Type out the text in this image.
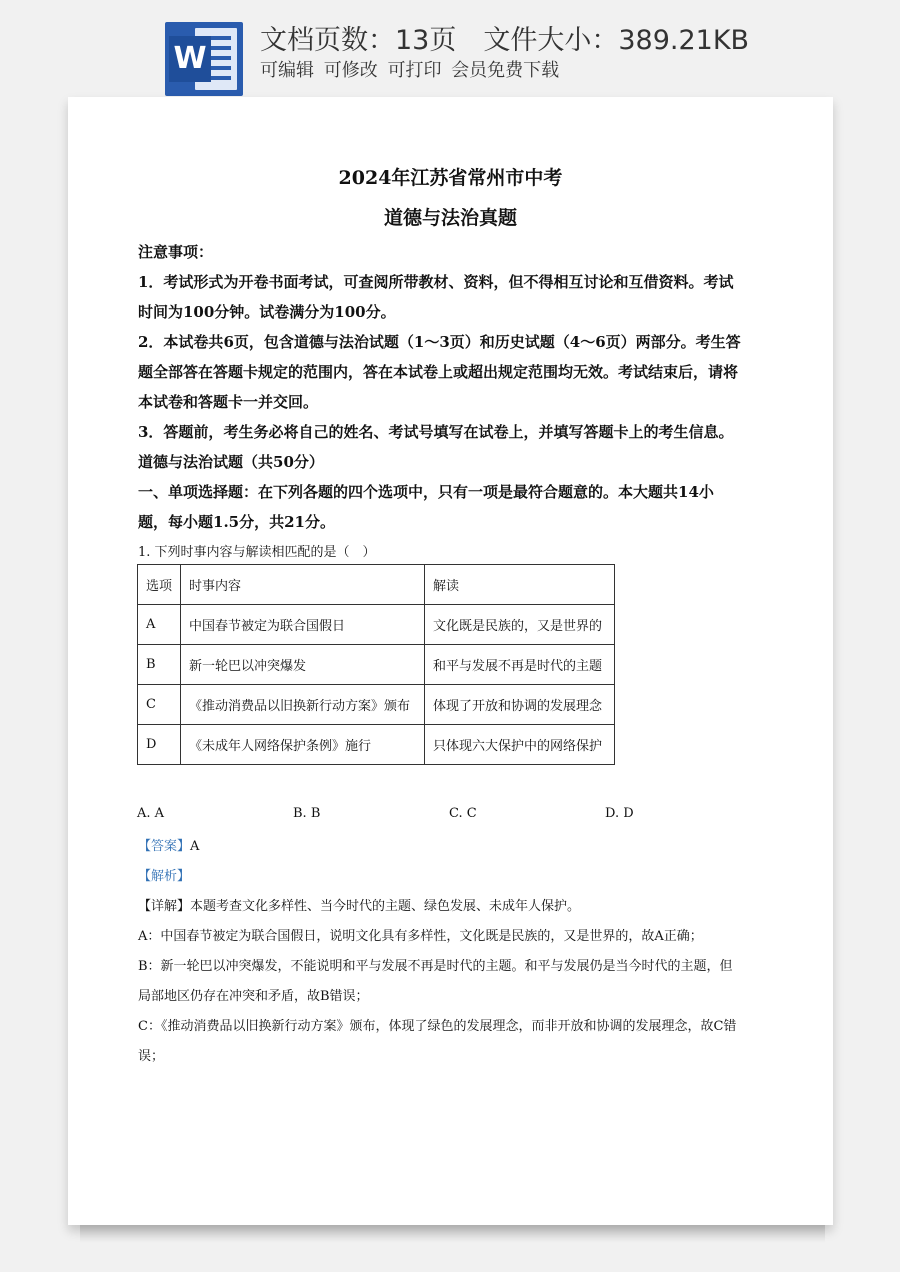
W
文档页数：13页　文件大小：389.21KB
可编辑 可修改 可打印 会员免费下载
2024年江苏省常州市中考
道德与法治真题
注意事项：
1．考试形式为开卷书面考试，可查阅所带教材、资料，但不得相互讨论和互借资料。考试
时间为100分钟。试卷满分为100分。
2．本试卷共6页，包含道德与法治试题（1～3页）和历史试题（4～6页）两部分。考生答
题全部答在答题卡规定的范围内，答在本试卷上或超出规定范围均无效。考试结束后，请将
本试卷和答题卡一并交回。
3．答题前，考生务必将自己的姓名、考试号填写在试卷上，并填写答题卡上的考生信息。
道德与法治试题（共50分）
一、单项选择题：在下列各题的四个选项中，只有一项是最符合题意的。本大题共14小
题，每小题1.5分，共21分。
1. 下列时事内容与解读相匹配的是（　）
选项	时事内容	解读
A	中国春节被定为联合国假日	文化既是民族的，又是世界的
B	新一轮巴以冲突爆发	和平与发展不再是时代的主题
C	《推动消费品以旧换新行动方案》颁布	体现了开放和协调的发展理念
D	《未成年人网络保护条例》施行	只体现六大保护中的网络保护
A. A	B. B	C. C	D. D
【答案】A
【解析】
【详解】本题考查文化多样性、当今时代的主题、绿色发展、未成年人保护。
A：中国春节被定为联合国假日，说明文化具有多样性，文化既是民族的，又是世界的，故A正确；
B：新一轮巴以冲突爆发，不能说明和平与发展不再是时代的主题。和平与发展仍是当今时代的主题，但
局部地区仍存在冲突和矛盾，故B错误；
C：《推动消费品以旧换新行动方案》颁布，体现了绿色的发展理念，而非开放和协调的发展理念，故C错
误；
